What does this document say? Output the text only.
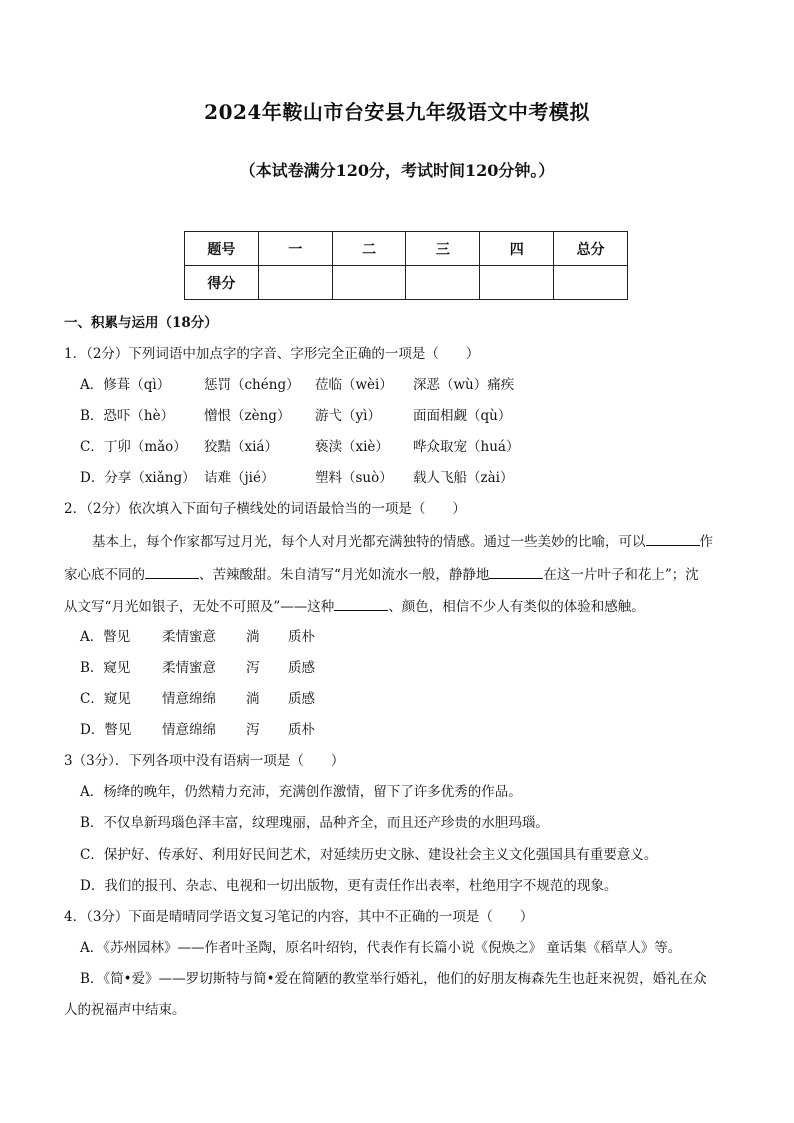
2024年鞍山市台安县九年级语文中考模拟
（本试卷满分120分，考试时间120分钟。）
题号	一	二	三	四	总分
得分					
一、积累与运用（18分）
1．（2分）下列词语中加点字的字音、字形完全正确的一项是（　　）
A．修葺（qì）	惩罚（chéng） 莅临（wèi） 深恶（wù）痛疾
B．恐吓（hè） 憎恨（zèng） 游弋（yì） 面面相觑（qù）
C．丁卯（mǎo） 狡黠（xiá）	亵渎（xiè） 哗众取宠（huá）
D．分享（xiǎng） 诘难（jié）	塑料（suò） 载人飞船（zài）
2．（2分）依次填入下面句子横线处的词语最恰当的一项是（　　）
基本上，每个作家都写过月光，每个人对月光都充满独特的情感。通过一些美妙的比喻，可以	作
家心底不同的	、苦辣酸甜。朱自清写“月光如流水一般，静静地	在这一片叶子和花上”；沈
从文写“月光如银子，无处不可照及”——这种	、颜色，相信不少人有类似的体验和感触。
A．瞥见 柔情蜜意 淌 质朴
B．窥见 柔情蜜意 泻 质感
C．窥见 情意绵绵 淌 质感
D．瞥见 情意绵绵 泻 质朴
3（3分）．下列各项中没有语病一项是（　　）
A．杨绛的晚年，仍然精力充沛，充满创作激情，留下了许多优秀的作品。
B．不仅阜新玛瑙色泽丰富，纹理瑰丽，品种齐全，而且还产珍贵的水胆玛瑙。
C．保护好、传承好、利用好民间艺术，对延续历史文脉、建设社会主义文化强国具有重要意义。
D．我们的报刊、杂志、电视和一切出版物，更有责任作出表率，杜绝用字不规范的现象。
4．（3分）下面是晴晴同学语文复习笔记的内容，其中不正确的一项是（　　）
A．《苏州园林》——作者叶圣陶，原名叶绍钧，代表作有长篇小说《倪焕之》 童话集《稻草人》等。
B．《简•爱》——罗切斯特与简•爱在简陋的教堂举行婚礼，他们的好朋友梅森先生也赶来祝贺，婚礼在众
人的祝福声中结束。
